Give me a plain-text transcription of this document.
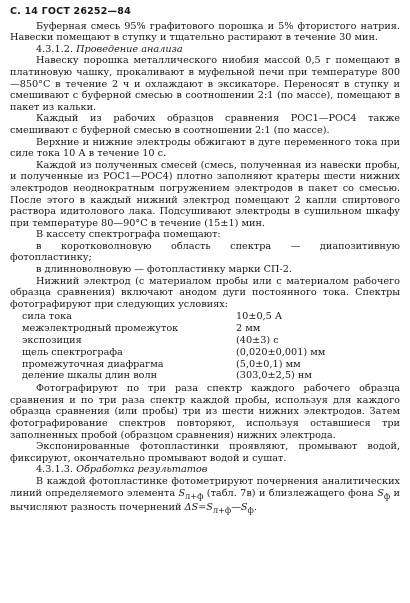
С. 14 ГОСТ 26252—84

Буферная смесь 95% графитового порошка и 5% фтористого натрия. Навески помещают в ступку и тщательно растирают в течение 30 мин.

4.3.1.2. Проведение анализа

Навеску порошка металлического ниобия массой 0,5 г помещают в платиновую чашку, прокаливают в муфельной печи при температуре 800—850°С в течение 2 ч и охлаждают в эксикаторе. Переносят в ступку и смешивают с буферной смесью в соотношении 2:1 (по массе), помещают в пакет из кальки.

Каждый из рабочих образцов сравнения РОС1—РОС4 также смешивают с буферной смесью в соотношении 2:1 (по массе).

Верхние и нижние электроды обжигают в дуге переменного тока при силе тока 10 А в течение 10 с.

Каждой из полученных смесей (смесь, полученная из навески пробы, и полученные из РОС1—РОС4) плотно заполняют кратеры шести нижних электродов неоднократным погружением электродов в пакет со смесью. После этого в каждый нижний электрод помещают 2 капли спиртового раствора идитолового лака. Подсушивают электроды в сушильном шкафу при температуре 80—90°С в течение (15±1) мин.

В кассету спектрографа помещают:

в коротковолновую область спектра — диапозитивную фотопластинку;

в длинноволновую — фотопластинку марки СП-2.

Нижний электрод (с материалом пробы или с материалом рабочего образца сравнения) включают анодом дуги постоянного тока. Спектры фотографируют при следующих условиях:

сила тока	10±0,5 А
межэлектродный промежуток	2 мм
экспозиция	(40±3) с
щель спектрографа	(0,020±0,001) мм
промежуточная диафрагма	(5,0±0,1) мм
деление шкалы длин волн	(303,0±2,5) нм

Фотографируют по три раза спектр каждого рабочего образца сравнения и по три раза спектр каждой пробы, используя для каждого образца сравнения (или пробы) три из шести нижних электродов. Затем фотографирование спектров повторяют, используя оставшиеся три заполненных пробой (образцом сравнения) нижних электрода.

Экспонированные фотопластинки проявляют, промывают водой, фиксируют, окончательно промывают водой и сушат.

4.3.1.3. Обработка результатов

В каждой фотопластинке фотометрируют почернения аналитических линий определяемого элемента $S_{л+ф}$ (табл. 7в) и близлежащего фона $S_ф$ и вычисляют разность почернений $\Delta S=S_{л+ф}—S_ф$.
